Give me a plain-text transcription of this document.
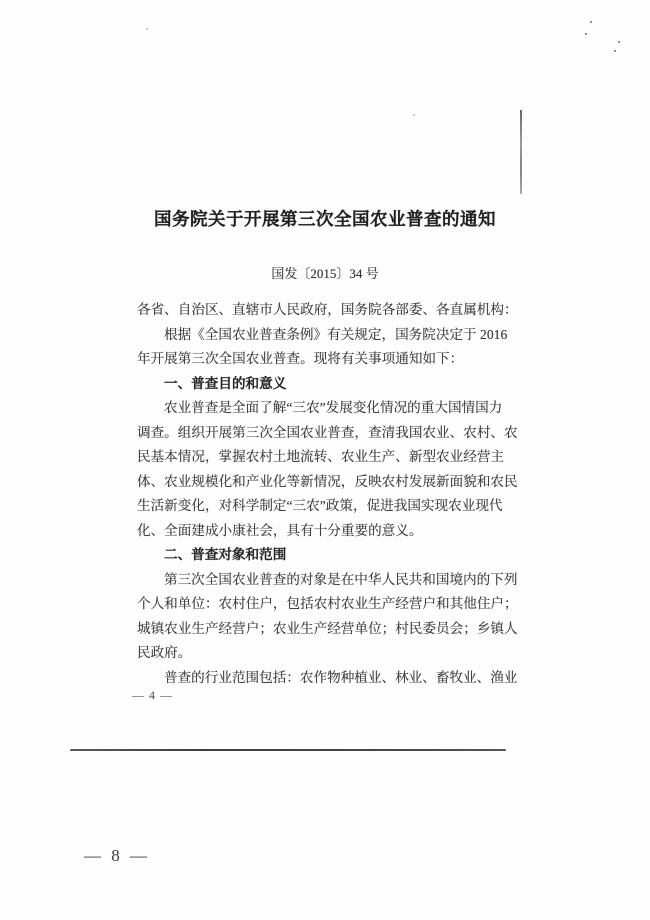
国务院关于开展第三次全国农业普查的通知
国发〔2015〕34 号
各省、自治区、直辖市人民政府，国务院各部委、各直属机构：
根据《全国农业普查条例》有关规定，国务院决定于 2016
年开展第三次全国农业普查。现将有关事项通知如下：
一、普查目的和意义
农业普查是全面了解“三农”发展变化情况的重大国情国力
调查。组织开展第三次全国农业普查，查清我国农业、农村、农
民基本情况，掌握农村土地流转、农业生产、新型农业经营主
体、农业规模化和产业化等新情况，反映农村发展新面貌和农民
生活新变化，对科学制定“三农”政策，促进我国实现农业现代
化、全面建成小康社会，具有十分重要的意义。
二、普查对象和范围
第三次全国农业普查的对象是在中华人民共和国境内的下列
个人和单位：农村住户，包括农村农业生产经营户和其他住户；
城镇农业生产经营户；农业生产经营单位；村民委员会；乡镇人
民政府。
普查的行业范围包括：农作物种植业、林业、畜牧业、渔业
— 4 —
— 8 —
